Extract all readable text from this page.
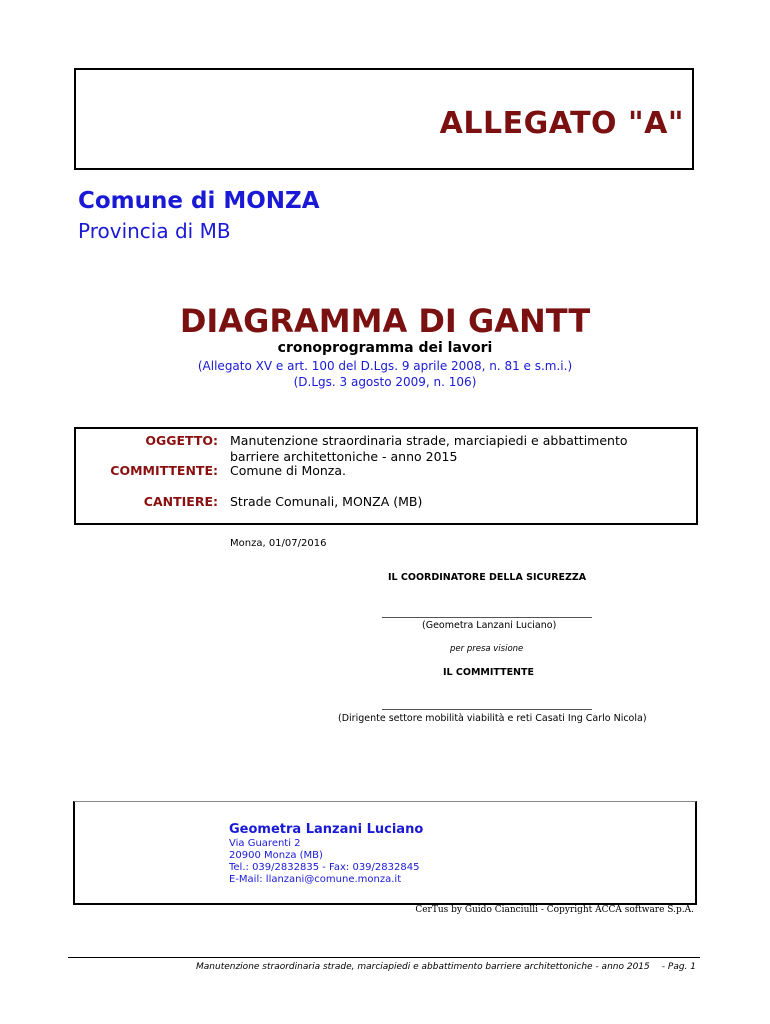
ALLEGATO "A"
Comune di MONZA
Provincia di MB
DIAGRAMMA DI GANTT
cronoprogramma dei lavori
(Allegato XV e art. 100 del D.Lgs. 9 aprile 2008, n. 81 e s.m.i.)
(D.Lgs. 3 agosto 2009, n. 106)
OGGETTO: Manutenzione straordinaria strade, marciapiedi e abbattimento barriere architettoniche - anno 2015
COMMITTENTE: Comune di Monza.
CANTIERE: Strade Comunali, MONZA (MB)
Monza, 01/07/2016
IL COORDINATORE DELLA SICUREZZA
(Geometra Lanzani Luciano)
per presa visione
IL COMMITTENTE
(Dirigente settore mobilità viabilità e reti Casati Ing Carlo Nicola)
Geometra Lanzani Luciano
Via Guarenti 2
20900 Monza (MB)
Tel.: 039/2832835 - Fax: 039/2832845
E-Mail: llanzani@comune.monza.it
CerTus by Guido Cianciulli - Copyright ACCA software S.p.A.
Manutenzione straordinaria strade, marciapiedi e abbattimento barriere architettoniche - anno 2015 - Pag. 1
